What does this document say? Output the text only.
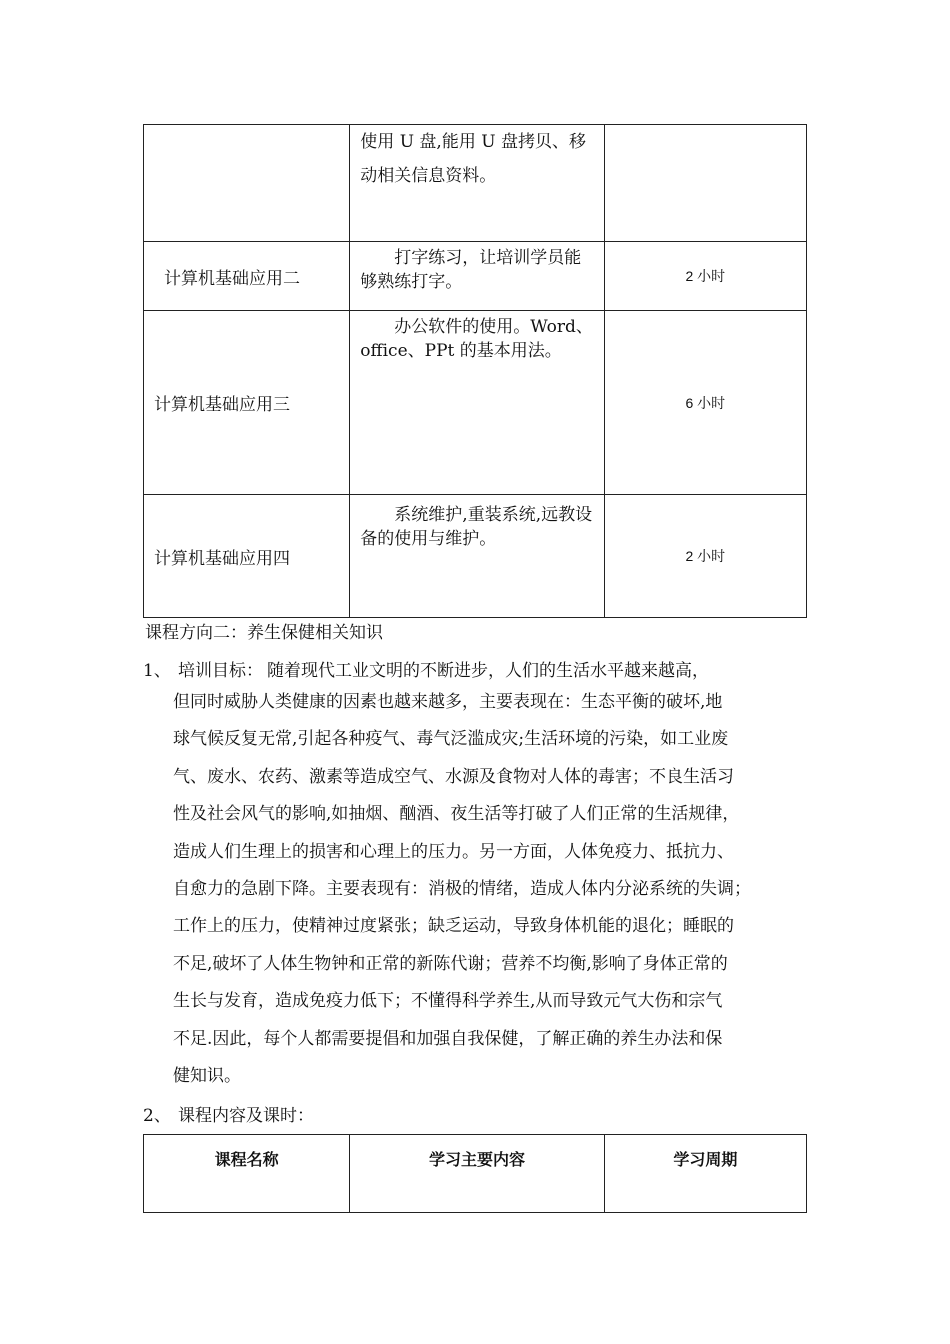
	使用 U 盘,能用 U 盘拷贝、移动相关信息资料。	
计算机基础应用二	打字练习，让培训学员能够熟练打字。	2 小时
计算机基础应用三	办公软件的使用。Word、office、PPt 的基本用法。	6 小时
计算机基础应用四	系统维护,重装系统,远教设备的使用与维护。	2 小时
课程方向二：养生保健相关知识
1、 培训目标： 随着现代工业文明的不断进步，人们的生活水平越来越高，
但同时威胁人类健康的因素也越来越多，主要表现在：生态平衡的破坏,地
球气候反复无常,引起各种疫气、毒气泛滥成灾;生活环境的污染，如工业废
气、废水、农药、激素等造成空气、水源及食物对人体的毒害；不良生活习
性及社会风气的影响,如抽烟、酗酒、夜生活等打破了人们正常的生活规律，
造成人们生理上的损害和心理上的压力。另一方面，人体免疫力、抵抗力、
自愈力的急剧下降。主要表现有：消极的情绪，造成人体内分泌系统的失调；
工作上的压力，使精神过度紧张；缺乏运动，导致身体机能的退化；睡眠的
不足,破坏了人体生物钟和正常的新陈代谢；营养不均衡,影响了身体正常的
生长与发育，造成免疫力低下；不懂得科学养生,从而导致元气大伤和宗气
不足.因此，每个人都需要提倡和加强自我保健，了解正确的养生办法和保
健知识。
2、 课程内容及课时：
课程名称	学习主要内容	学习周期
